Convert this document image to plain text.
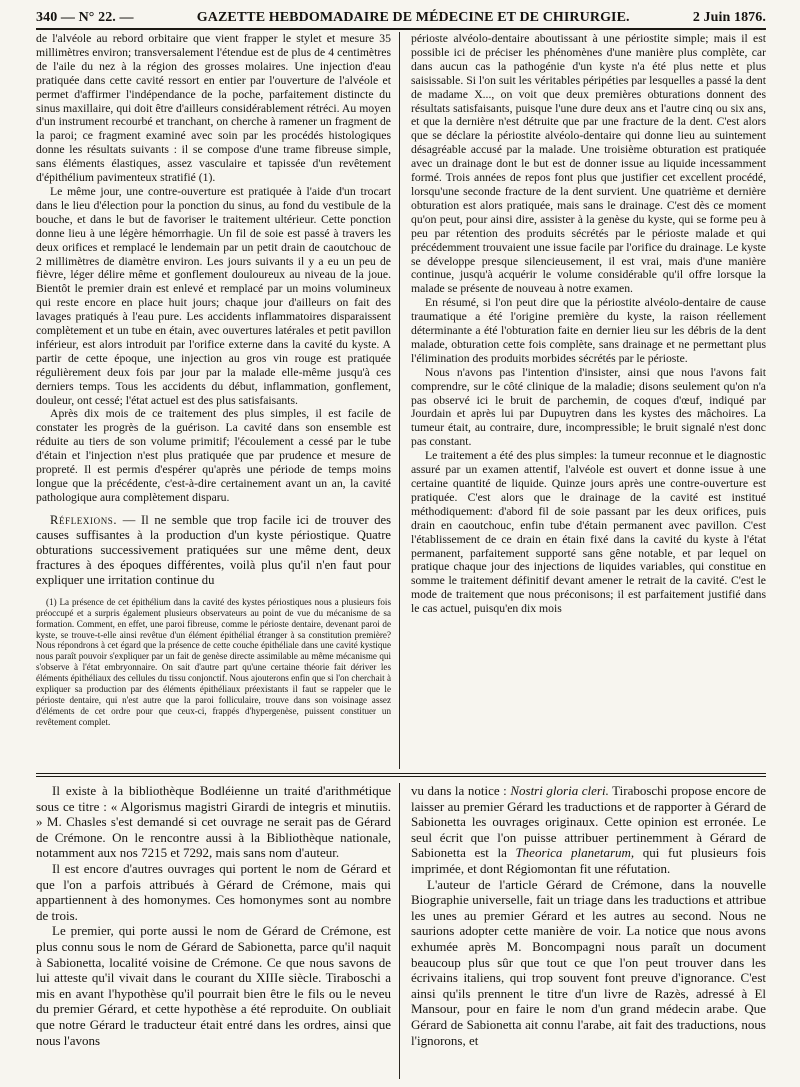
340 — N° 22. —	GAZETTE HEBDOMADAIRE DE MÉDECINE ET DE CHIRURGIE.	2 Juin 1876.

de l'alvéole au rebord orbitaire que vient frapper le stylet et mesure 35 millimètres environ; transversalement l'étendue est de plus de 4 centimètres de l'aile du nez à la région des grosses molaires. Une injection d'eau pratiquée dans cette cavité ressort en entier par l'ouverture de l'alvéole et permet d'affirmer l'indépendance de la poche, parfaitement distincte du sinus maxillaire, qui doit être d'ailleurs considérablement rétréci. Au moyen d'un instrument recourbé et tranchant, on cherche à ramener un fragment de la paroi; ce fragment examiné avec soin par les procédés histologiques donne les résultats suivants : il se compose d'une trame fibreuse simple, sans éléments élastiques, assez vasculaire et tapissée d'un revêtement d'épithélium pavimenteux stratifié (1).

Le même jour, une contre-ouverture est pratiquée à l'aide d'un trocart dans le lieu d'élection pour la ponction du sinus, au fond du vestibule de la bouche, et dans le but de favoriser le traitement ultérieur. Cette ponction donne lieu à une légère hémorrhagie. Un fil de soie est passé à travers les deux orifices et remplacé le lendemain par un petit drain de caoutchouc de 2 millimètres de diamètre environ. Les jours suivants il y a eu un peu de fièvre, léger délire même et gonflement douloureux au niveau de la joue. Bientôt le premier drain est enlevé et remplacé par un moins volumineux qui reste encore en place huit jours; chaque jour d'ailleurs on fait des lavages pratiqués à l'eau pure. Les accidents inflammatoires disparaissent complètement et un tube en étain, avec ouvertures latérales et petit pavillon inférieur, est alors introduit par l'orifice externe dans la cavité du kyste. A partir de cette époque, une injection au gros vin rouge est pratiquée régulièrement deux fois par jour par la malade elle-même jusqu'à ces derniers temps. Tous les accidents du début, inflammation, gonflement, douleur, ont cessé; l'état actuel est des plus satisfaisants.

Après dix mois de ce traitement des plus simples, il est facile de constater les progrès de la guérison. La cavité dans son ensemble est réduite au tiers de son volume primitif; l'écoulement a cessé par le tube d'étain et l'injection n'est plus pratiquée que par prudence et mesure de propreté. Il est permis d'espérer qu'après une période de temps moins longue que la précédente, c'est-à-dire certainement avant un an, la cavité pathologique aura complètement disparu.

Réflexions. — Il ne semble que trop facile ici de trouver des causes suffisantes à la production d'un kyste périostique. Quatre obturations successivement pratiquées sur une même dent, deux fractures à des époques différentes, voilà plus qu'il n'en faut pour expliquer une irritation continue du

(1) La présence de cet épithélium dans la cavité des kystes périostiques nous a plusieurs fois préoccupé et a surpris également plusieurs observateurs au point de vue du mécanisme de sa formation. Comment, en effet, une paroi fibreuse, comme le périoste dentaire, devenant paroi de kyste, se trouve-t-elle ainsi revêtue d'un élément épithélial étranger à sa constitution première? Nous répondrons à cet égard que la présence de cette couche épithéliale dans une cavité kystique nous paraît pouvoir s'expliquer par un fait de genèse directe assimilable au même mécanisme qui s'observe à l'état embryonnaire. On sait d'autre part qu'une certaine théorie fait dériver les éléments épithéliaux des cellules du tissu conjonctif. Nous ajouterons enfin que si l'on cherchait à expliquer sa production par des éléments épithéliaux préexistants il faut se rappeler que le périoste dentaire, qui n'est autre que la paroi folliculaire, trouve dans son voisinage assez d'éléments de cet ordre pour que ceux-ci, frappés d'hypergenèse, puissent constituer un revêtement complet.

périoste alvéolo-dentaire aboutissant à une périostite simple; mais il est possible ici de préciser les phénomènes d'une manière plus complète, car dans aucun cas la pathogénie d'un kyste n'a été plus nette et plus saisissable. Si l'on suit les véritables péripéties par lesquelles a passé la dent de madame X..., on voit que deux premières obturations donnent des résultats satisfaisants, puisque l'une dure deux ans et l'autre cinq ou six ans, et que la dernière n'est détruite que par une fracture de la dent. C'est alors que se déclare la périostite alvéolo-dentaire qui donne lieu au suintement désagréable accusé par la malade. Une troisième obturation est pratiquée avec un drainage dont le but est de donner issue au liquide incessamment formé. Trois années de repos font plus que justifier cet excellent procédé, lorsqu'une seconde fracture de la dent survient. Une quatrième et dernière obturation est alors pratiquée, mais sans le drainage. C'est dès ce moment qu'on peut, pour ainsi dire, assister à la genèse du kyste, qui se forme peu à peu par rétention des produits sécrétés par le périoste malade et qui précédemment trouvaient une issue facile par l'orifice du drainage. Le kyste se développe presque silencieusement, il est vrai, mais d'une manière continue, jusqu'à acquérir le volume considérable qu'il offre lorsque la malade se présente de nouveau à notre examen.

En résumé, si l'on peut dire que la périostite alvéolo-dentaire de cause traumatique a été l'origine première du kyste, la raison réellement déterminante a été l'obturation faite en dernier lieu sur les débris de la dent malade, obturation cette fois complète, sans drainage et ne permettant plus l'élimination des produits morbides sécrétés par le périoste.

Nous n'avons pas l'intention d'insister, ainsi que nous l'avons fait comprendre, sur le côté clinique de la maladie; disons seulement qu'on n'a pas observé ici le bruit de parchemin, de coques d'œuf, indiqué par Jourdain et après lui par Dupuytren dans les kystes des mâchoires. La tumeur était, au contraire, dure, incompressible; le bruit signalé n'est donc pas constant.

Le traitement a été des plus simples: la tumeur reconnue et le diagnostic assuré par un examen attentif, l'alvéole est ouvert et donne issue à une certaine quantité de liquide. Quinze jours après une contre-ouverture est pratiquée. C'est alors que le drainage de la cavité est institué méthodiquement: d'abord fil de soie passant par les deux orifices, puis drain en caoutchouc, enfin tube d'étain permanent avec pavillon. C'est l'établissement de ce drain en étain fixé dans la cavité du kyste à l'état permanent, parfaitement supporté sans gêne notable, et par lequel on pratique chaque jour des injections de liquides variables, qui constitue en somme le traitement définitif devant amener le retrait de la cavité. C'est le mode de traitement que nous préconisons; il est parfaitement justifié dans le cas actuel, puisqu'en dix mois

Il existe à la bibliothèque Bodléienne un traité d'arithmétique sous ce titre : « Algorismus magistri Girardi de integris et minutiis. » M. Chasles s'est demandé si cet ouvrage ne serait pas de Gérard de Crémone. On le rencontre aussi à la Bibliothèque nationale, notamment aux nos 7215 et 7292, mais sans nom d'auteur.

Il est encore d'autres ouvrages qui portent le nom de Gérard et que l'on a parfois attribués à Gérard de Crémone, mais qui appartiennent à des homonymes. Ces homonymes sont au nombre de trois.

Le premier, qui porte aussi le nom de Gérard de Crémone, est plus connu sous le nom de Gérard de Sabionetta, parce qu'il naquit à Sabionetta, localité voisine de Crémone. Ce que nous savons de lui atteste qu'il vivait dans le courant du XIIIe siècle. Tiraboschi a mis en avant l'hypothèse qu'il pourrait bien être le fils ou le neveu du premier Gérard, et cette hypothèse a été reproduite. On oubliait que notre Gérard le traducteur était entré dans les ordres, ainsi que nous l'avons

vu dans la notice : Nostri gloria cleri. Tiraboschi propose encore de laisser au premier Gérard les traductions et de rapporter à Gérard de Sabionetta les ouvrages originaux. Cette opinion est erronée. Le seul écrit que l'on puisse attribuer pertinemment à Gérard de Sabionetta est la Theorica planetarum, qui fut plusieurs fois imprimée, et dont Régiomontan fit une réfutation.

L'auteur de l'article Gérard de Crémone, dans la nouvelle Biographie universelle, fait un triage dans les traductions et attribue les unes au premier Gérard et les autres au second. Nous ne saurions adopter cette manière de voir. La notice que nous avons exhumée après M. Boncompagni nous paraît un document beaucoup plus sûr que tout ce que l'on peut trouver dans les écrivains italiens, qui trop souvent font preuve d'ignorance. C'est ainsi qu'ils prennent le titre d'un livre de Razès, adressé à El Mansour, pour en faire le nom d'un grand médecin arabe. Que Gérard de Sabionetta ait connu l'arabe, ait fait des traductions, nous l'ignorons, et
